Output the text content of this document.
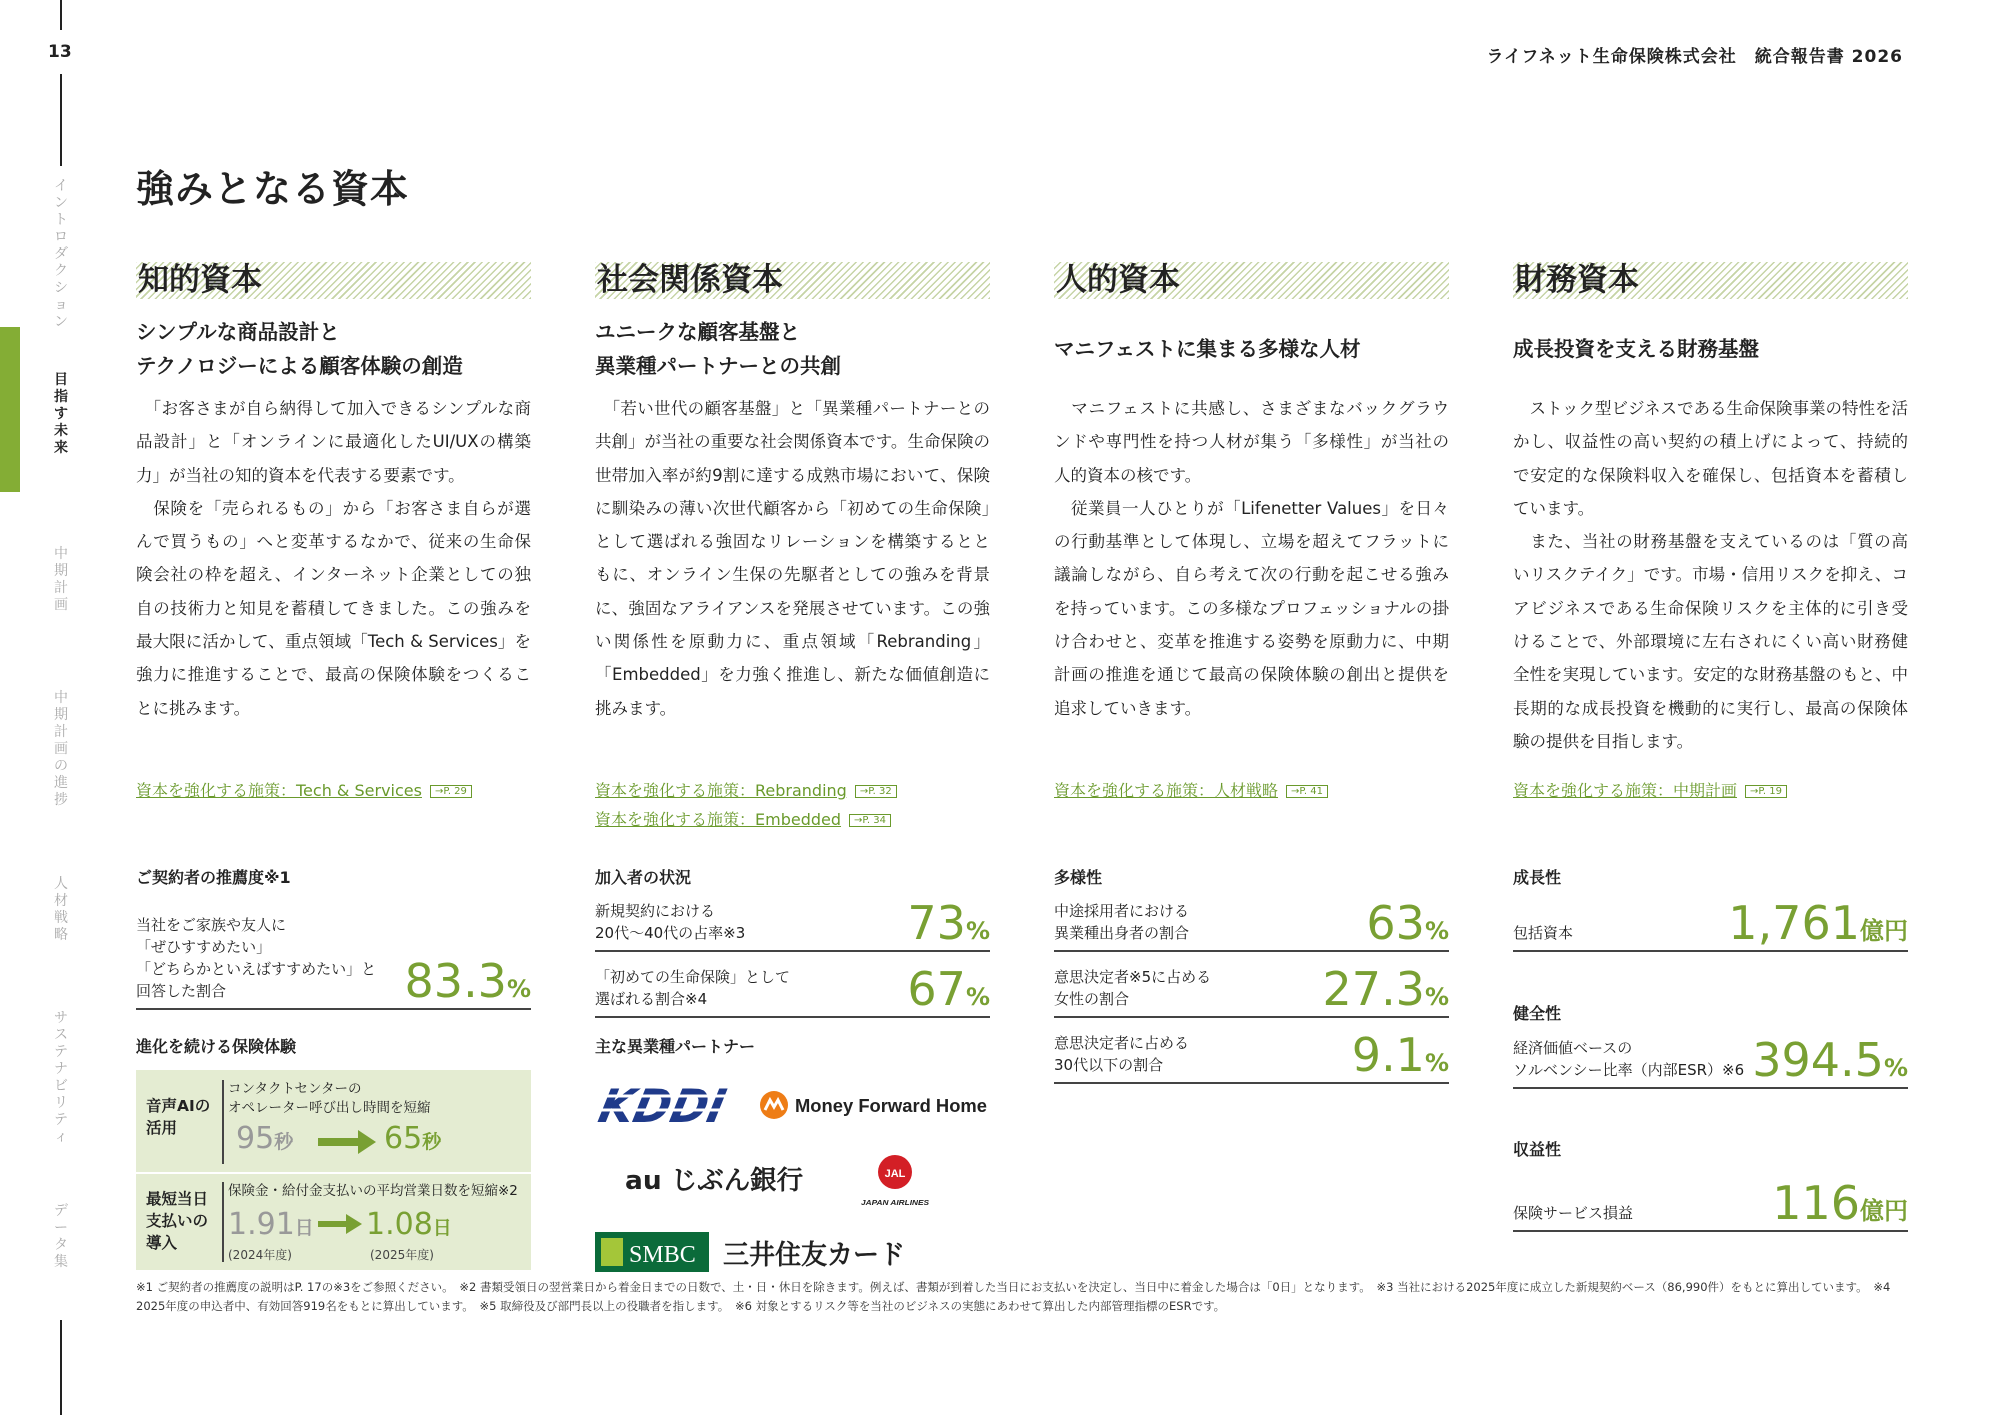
13
イントロダクション
目指す未来
中期計画
中期計画の進捗
人材戦略
サステナビリティ
データ集
ライフネット生命保険株式会社　統合報告書 2026
強みとなる資本
知的資本
シンプルな商品設計と
テクノロジーによる顧客体験の創造

　「お客さまが自ら納得して加入できるシンプルな商品設計」と「オンラインに最適化したUI/UXの構築力」が当社の知的資本を代表する要素です。
　保険を「売られるもの」から「お客さま自らが選んで買うもの」へと変革するなかで、従来の生命保険会社の枠を超え、インターネット企業としての独自の技術力と知見を蓄積してきました。この強みを最大限に活かして、重点領域「Tech & Services」を強力に推進することで、最高の保険体験をつくることに挑みます。

資本を強化する施策：Tech & Services →P. 29
ご契約者の推薦度※1
当社をご家族や友人に
「ぜひすすめたい」
「どちらかといえばすすめたい」と
回答した割合	83.3%
進化を続ける保険体験
音声AIの
活用
コンタクトセンターの
オペレーター呼び出し時間を短縮
95秒	65秒
最短当日
支払いの
導入
保険金・給付金支払いの平均営業日数を短縮※2
1.91日
(2024年度)
1.08日
(2025年度)
社会関係資本
ユニークな顧客基盤と
異業種パートナーとの共創

　「若い世代の顧客基盤」と「異業種パートナーとの共創」が当社の重要な社会関係資本です。生命保険の世帯加入率が約9割に達する成熟市場において、保険に馴染みの薄い次世代顧客から「初めての生命保険」として選ばれる強固なリレーションを構築するとともに、オンライン生保の先駆者としての強みを背景に、強固なアライアンスを発展させています。この強い関係性を原動力に、重点領域「Rebranding」「Embedded」を力強く推進し、新たな価値創造に挑みます。

資本を強化する施策：Rebranding →P. 32
資本を強化する施策：Embedded →P. 34
加入者の状況
新規契約における
20代〜40代の占率※3	73%
「初めての生命保険」として
選ばれる割合※4	67%
主な異業種パートナー
KDDI	Money Forward Home
au じぶん銀行	JAL
JAPAN AIRLINES
SMBC 三井住友カード
人的資本
マニフェストに集まる多様な人材

　マニフェストに共感し、さまざまなバックグラウンドや専門性を持つ人材が集う「多様性」が当社の人的資本の核です。
　従業員一人ひとりが「Lifenetter Values」を日々の行動基準として体現し、立場を超えてフラットに議論しながら、自ら考えて次の行動を起こせる強みを持っています。この多様なプロフェッショナルの掛け合わせと、変革を推進する姿勢を原動力に、中期計画の推進を通じて最高の保険体験の創出と提供を追求していきます。

資本を強化する施策：人材戦略 →P. 41
多様性
中途採用者における
異業種出身者の割合	63%
意思決定者※5に占める
女性の割合	27.3%
意思決定者に占める
30代以下の割合	9.1%
財務資本
成長投資を支える財務基盤

　ストック型ビジネスである生命保険事業の特性を活かし、収益性の高い契約の積上げによって、持続的で安定的な保険料収入を確保し、包括資本を蓄積しています。
　また、当社の財務基盤を支えているのは「質の高いリスクテイク」です。市場・信用リスクを抑え、コアビジネスである生命保険リスクを主体的に引き受けることで、外部環境に左右されにくい高い財務健全性を実現しています。安定的な財務基盤のもと、中長期的な成長投資を機動的に実行し、最高の保険体験の提供を目指します。

資本を強化する施策：中期計画 →P. 19
成長性
包括資本	1,761億円
健全性
経済価値ベースの
ソルベンシー比率（内部ESR）※6 394.5%
収益性
保険サービス損益	116億円

※1 ご契約者の推薦度の説明はP. 17の※3をご参照ください。　※2 書類受領日の翌営業日から着金日までの日数で、土・日・休日を除きます。例えば、書類が到着した当日にお支払いを決定し、当日中に着金した場合は「0日」となります。　※3 当社における2025年度に成立した新規契約ベース（86,990件）をもとに算出しています。　※4 2025年度の申込者中、有効回答919名をもとに算出しています。　※5 取締役及び部門長以上の役職者を指します。　※6 対象とするリスク等を当社のビジネスの実態にあわせて算出した内部管理指標のESRです。
